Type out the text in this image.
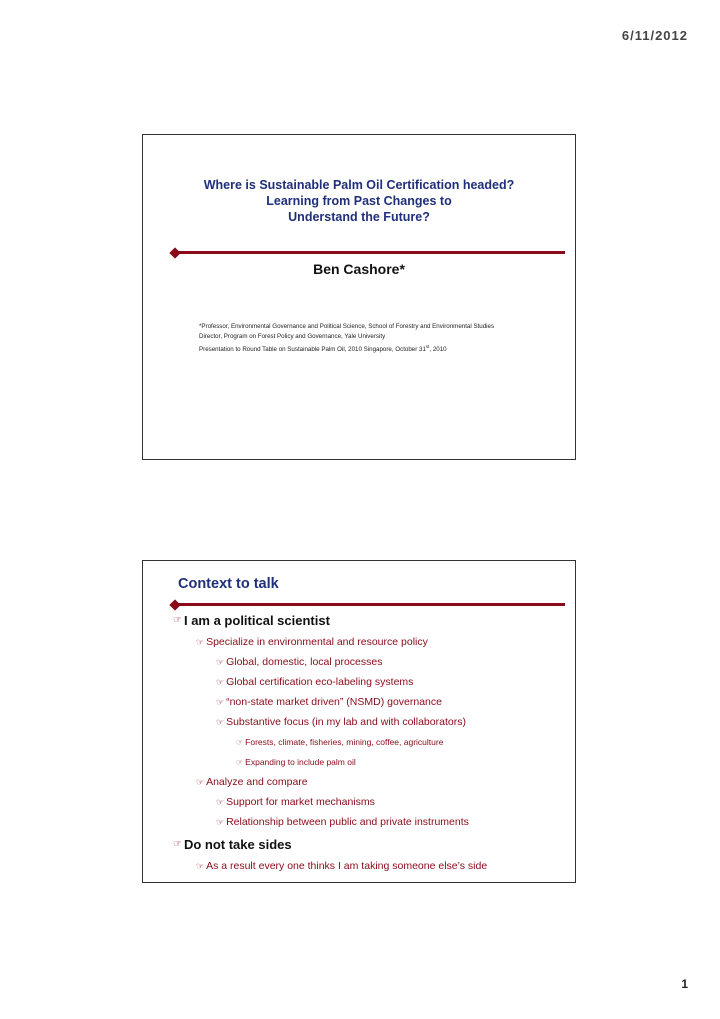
6/11/2012
Where is Sustainable Palm Oil Certification headed?
Learning from Past Changes to
Understand the Future?
Ben Cashore*
*Professor, Environmental Governance and Political Science, School of Forestry and Environmental Studies
Director, Program on Forest Policy and Governance, Yale University
Presentation to Round Table on Sustainable Palm Oil, 2010 Singapore, October 31st, 2010
Context to talk
☞ I am a political scientist
☞ Specialize in environmental and resource policy
☞ Global, domestic, local processes
☞ Global certification eco-labeling systems
☞ “non-state market driven” (NSMD) governance
☞ Substantive focus (in my lab and with collaborators)
☞ Forests, climate, fisheries, mining, coffee, agriculture
☞ Expanding to include palm oil
☞ Analyze and compare
☞ Support for market mechanisms
☞ Relationship between public and private instruments
☞ Do not take sides
☞ As a result every one thinks I am taking someone else’s side
1
